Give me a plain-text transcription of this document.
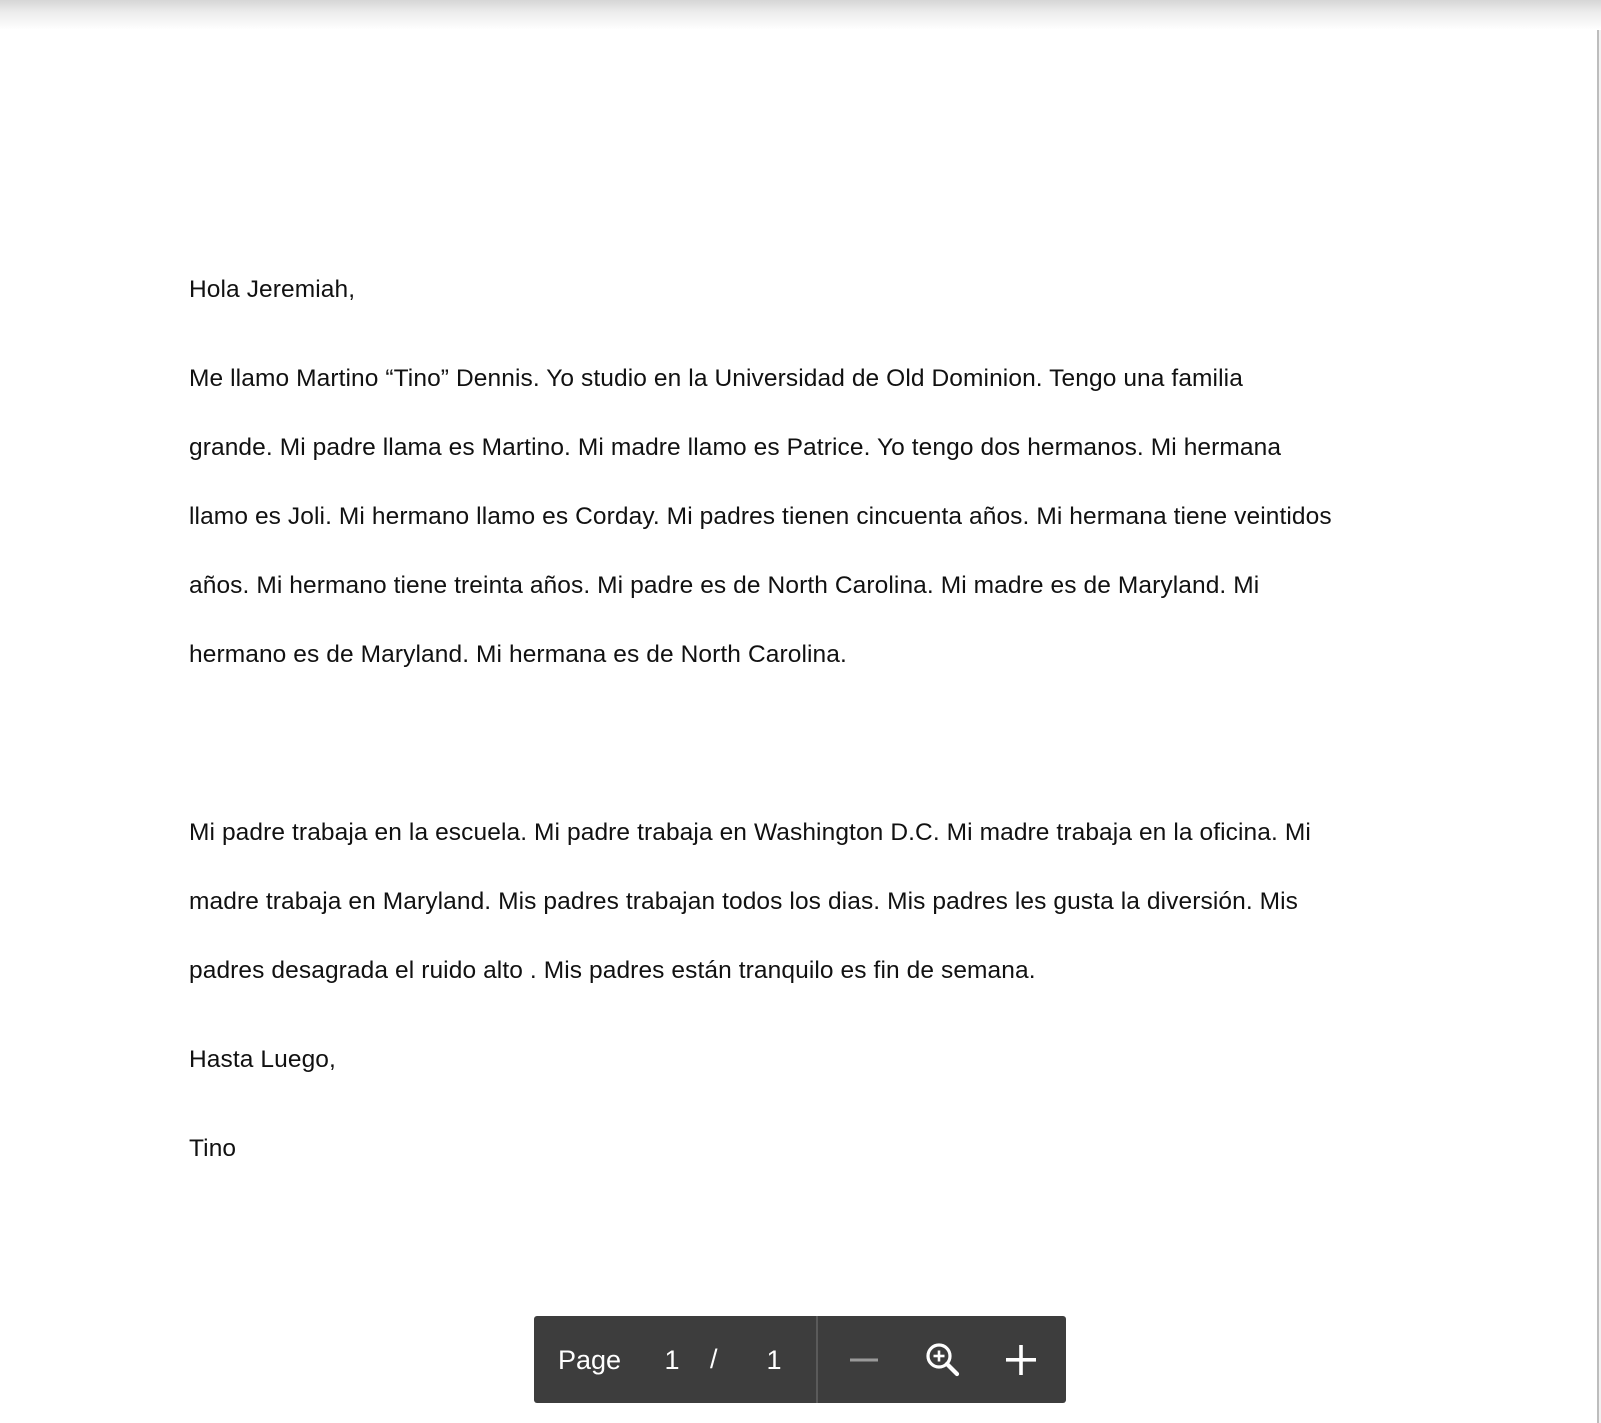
Hola Jeremiah,
Me llamo Martino “Tino” Dennis. Yo studio en la Universidad de Old Dominion. Tengo una familia
grande. Mi padre llama es Martino. Mi madre llamo es Patrice. Yo tengo dos hermanos. Mi hermana
llamo es Joli. Mi hermano llamo es Corday. Mi padres tienen cincuenta años. Mi hermana tiene veintidos
años. Mi hermano tiene treinta años. Mi padre es de North Carolina. Mi madre es de Maryland. Mi
hermano es de Maryland. Mi hermana es de North Carolina.
Mi padre trabaja en la escuela. Mi padre trabaja en Washington D.C. Mi madre trabaja en la oficina. Mi
madre trabaja en Maryland. Mis padres trabajan todos los dias. Mis padres les gusta la diversión. Mis
padres desagrada el ruido alto . Mis padres están tranquilo es fin de semana.
Hasta Luego,
Tino
Page	1	/	1
